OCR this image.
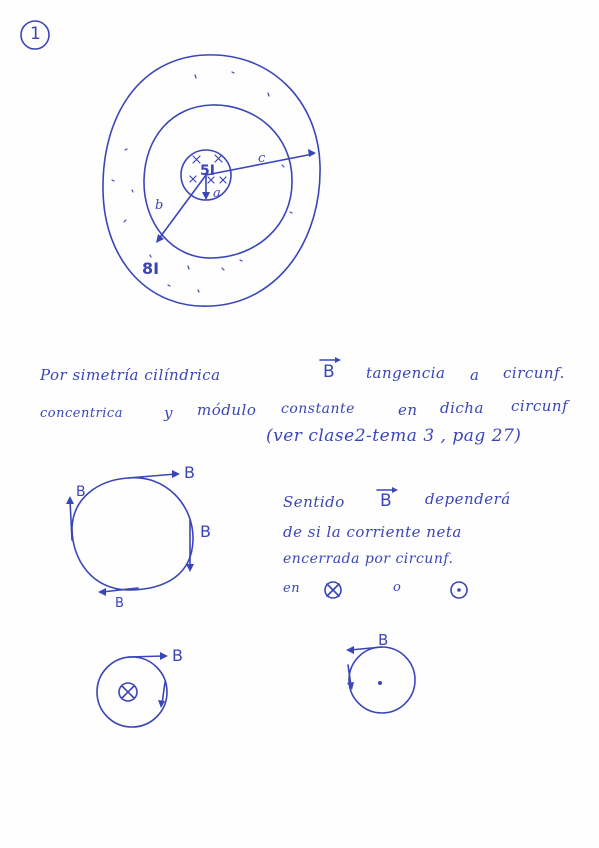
1
5I
8I
a
b
c
Por simetría cilíndrica	B tangencia a circunf.
concentrica	y módulo constante	en dicha circunf
(ver clase2-tema 3 , pag 27)
B
B
B
B
Sentido B dependerá
de si la corriente neta
encerrada por circunf.
en	o
B
B
